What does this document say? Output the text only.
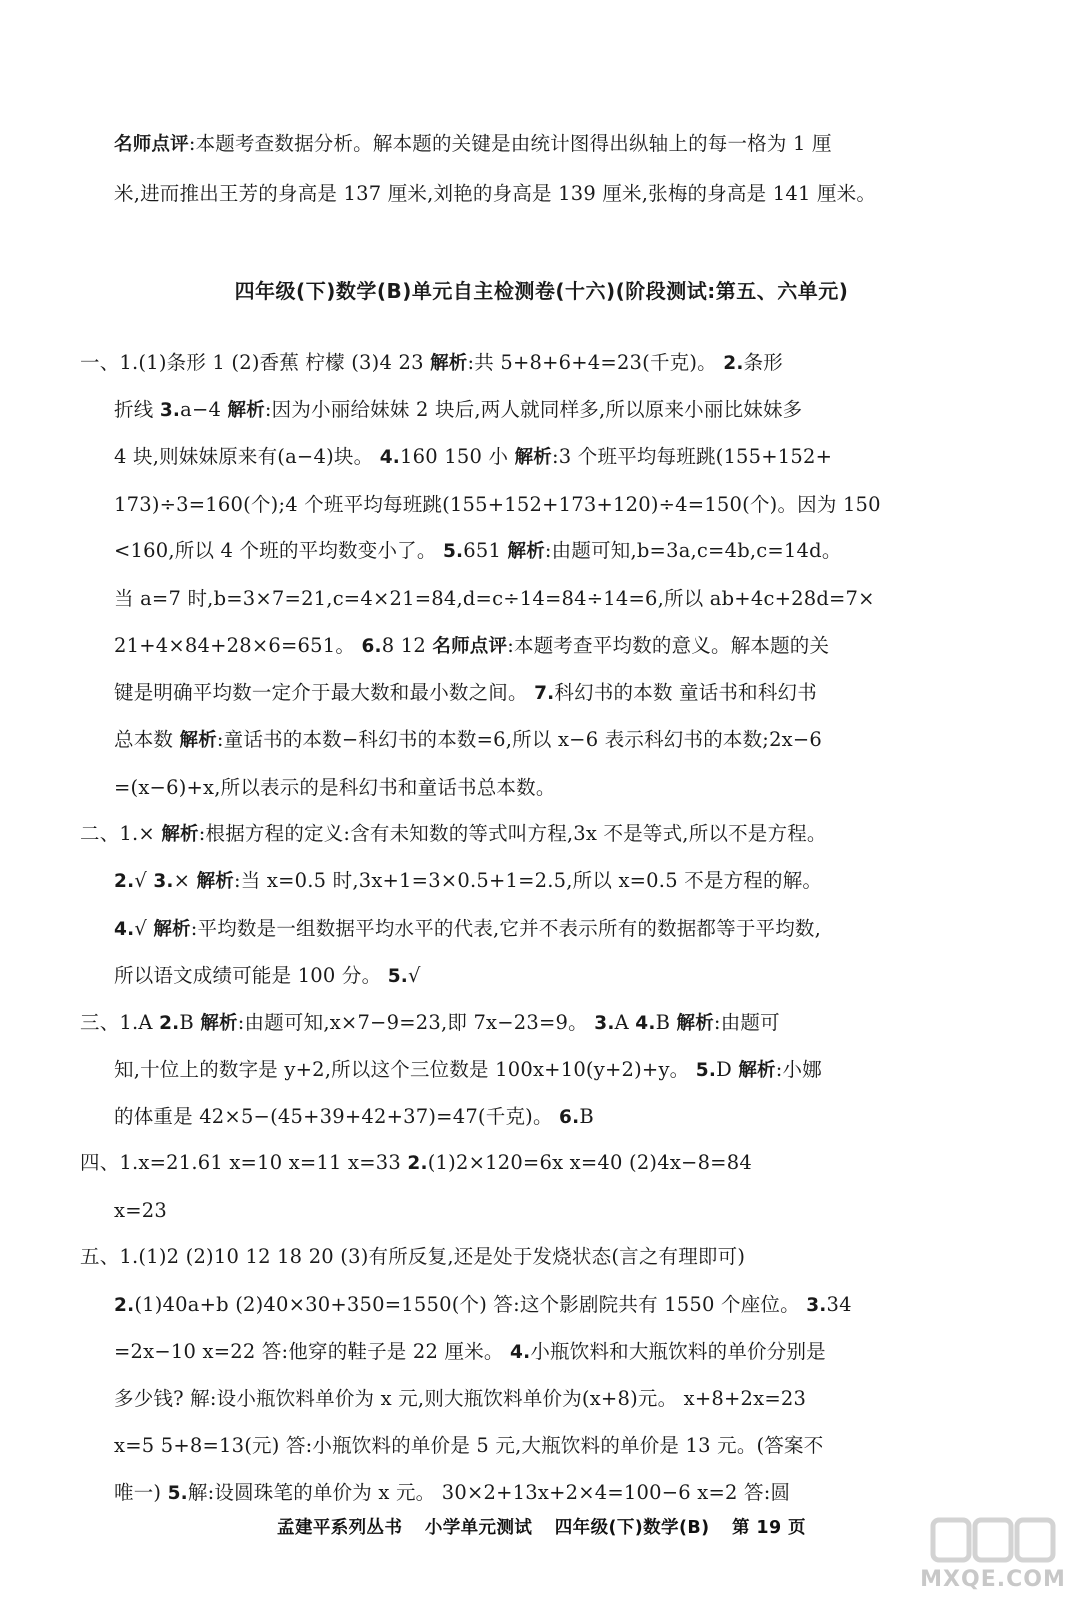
名师点评:本题考查数据分析。解本题的关键是由统计图得出纵轴上的每一格为 1 厘
米,进而推出王芳的身高是 137 厘米,刘艳的身高是 139 厘米,张梅的身高是 141 厘米。
四年级(下)数学(B)单元自主检测卷(十六)(阶段测试:第五、六单元)
一、1.(1)条形 1 (2)香蕉 柠檬 (3)4 23 解析:共 5+8+6+4=23(千克)。 2.条形
折线 3.a−4 解析:因为小丽给妹妹 2 块后,两人就同样多,所以原来小丽比妹妹多
4 块,则妹妹原来有(a−4)块。 4.160 150 小 解析:3 个班平均每班跳(155+152+
173)÷3=160(个);4 个班平均每班跳(155+152+173+120)÷4=150(个)。因为 150
<160,所以 4 个班的平均数变小了。 5.651 解析:由题可知,b=3a,c=4b,c=14d。
当 a=7 时,b=3×7=21,c=4×21=84,d=c÷14=84÷14=6,所以 ab+4c+28d=7×
21+4×84+28×6=651。 6.8 12 名师点评:本题考查平均数的意义。解本题的关
键是明确平均数一定介于最大数和最小数之间。 7.科幻书的本数 童话书和科幻书
总本数 解析:童话书的本数−科幻书的本数=6,所以 x−6 表示科幻书的本数;2x−6
=(x−6)+x,所以表示的是科幻书和童话书总本数。
二、1.× 解析:根据方程的定义:含有未知数的等式叫方程,3x 不是等式,所以不是方程。
2.√ 3.× 解析:当 x=0.5 时,3x+1=3×0.5+1=2.5,所以 x=0.5 不是方程的解。
4.√ 解析:平均数是一组数据平均水平的代表,它并不表示所有的数据都等于平均数,
所以语文成绩可能是 100 分。 5.√
三、1.A 2.B 解析:由题可知,x×7−9=23,即 7x−23=9。 3.A 4.B 解析:由题可
知,十位上的数字是 y+2,所以这个三位数是 100x+10(y+2)+y。 5.D 解析:小娜
的体重是 42×5−(45+39+42+37)=47(千克)。 6.B
四、1.x=21.61 x=10 x=11 x=33 2.(1)2×120=6x x=40 (2)4x−8=84
x=23
五、1.(1)2 (2)10 12 18 20 (3)有所反复,还是处于发烧状态(言之有理即可)
2.(1)40a+b (2)40×30+350=1550(个) 答:这个影剧院共有 1550 个座位。 3.34
=2x−10 x=22 答:他穿的鞋子是 22 厘米。 4.小瓶饮料和大瓶饮料的单价分别是
多少钱? 解:设小瓶饮料单价为 x 元,则大瓶饮料单价为(x+8)元。 x+8+2x=23
x=5 5+8=13(元) 答:小瓶饮料的单价是 5 元,大瓶饮料的单价是 13 元。(答案不
唯一) 5.解:设圆珠笔的单价为 x 元。 30×2+13x+2×4=100−6 x=2 答:圆
孟建平系列丛书 小学单元测试 四年级(下)数学(B) 第 19 页
MXQE.COM
